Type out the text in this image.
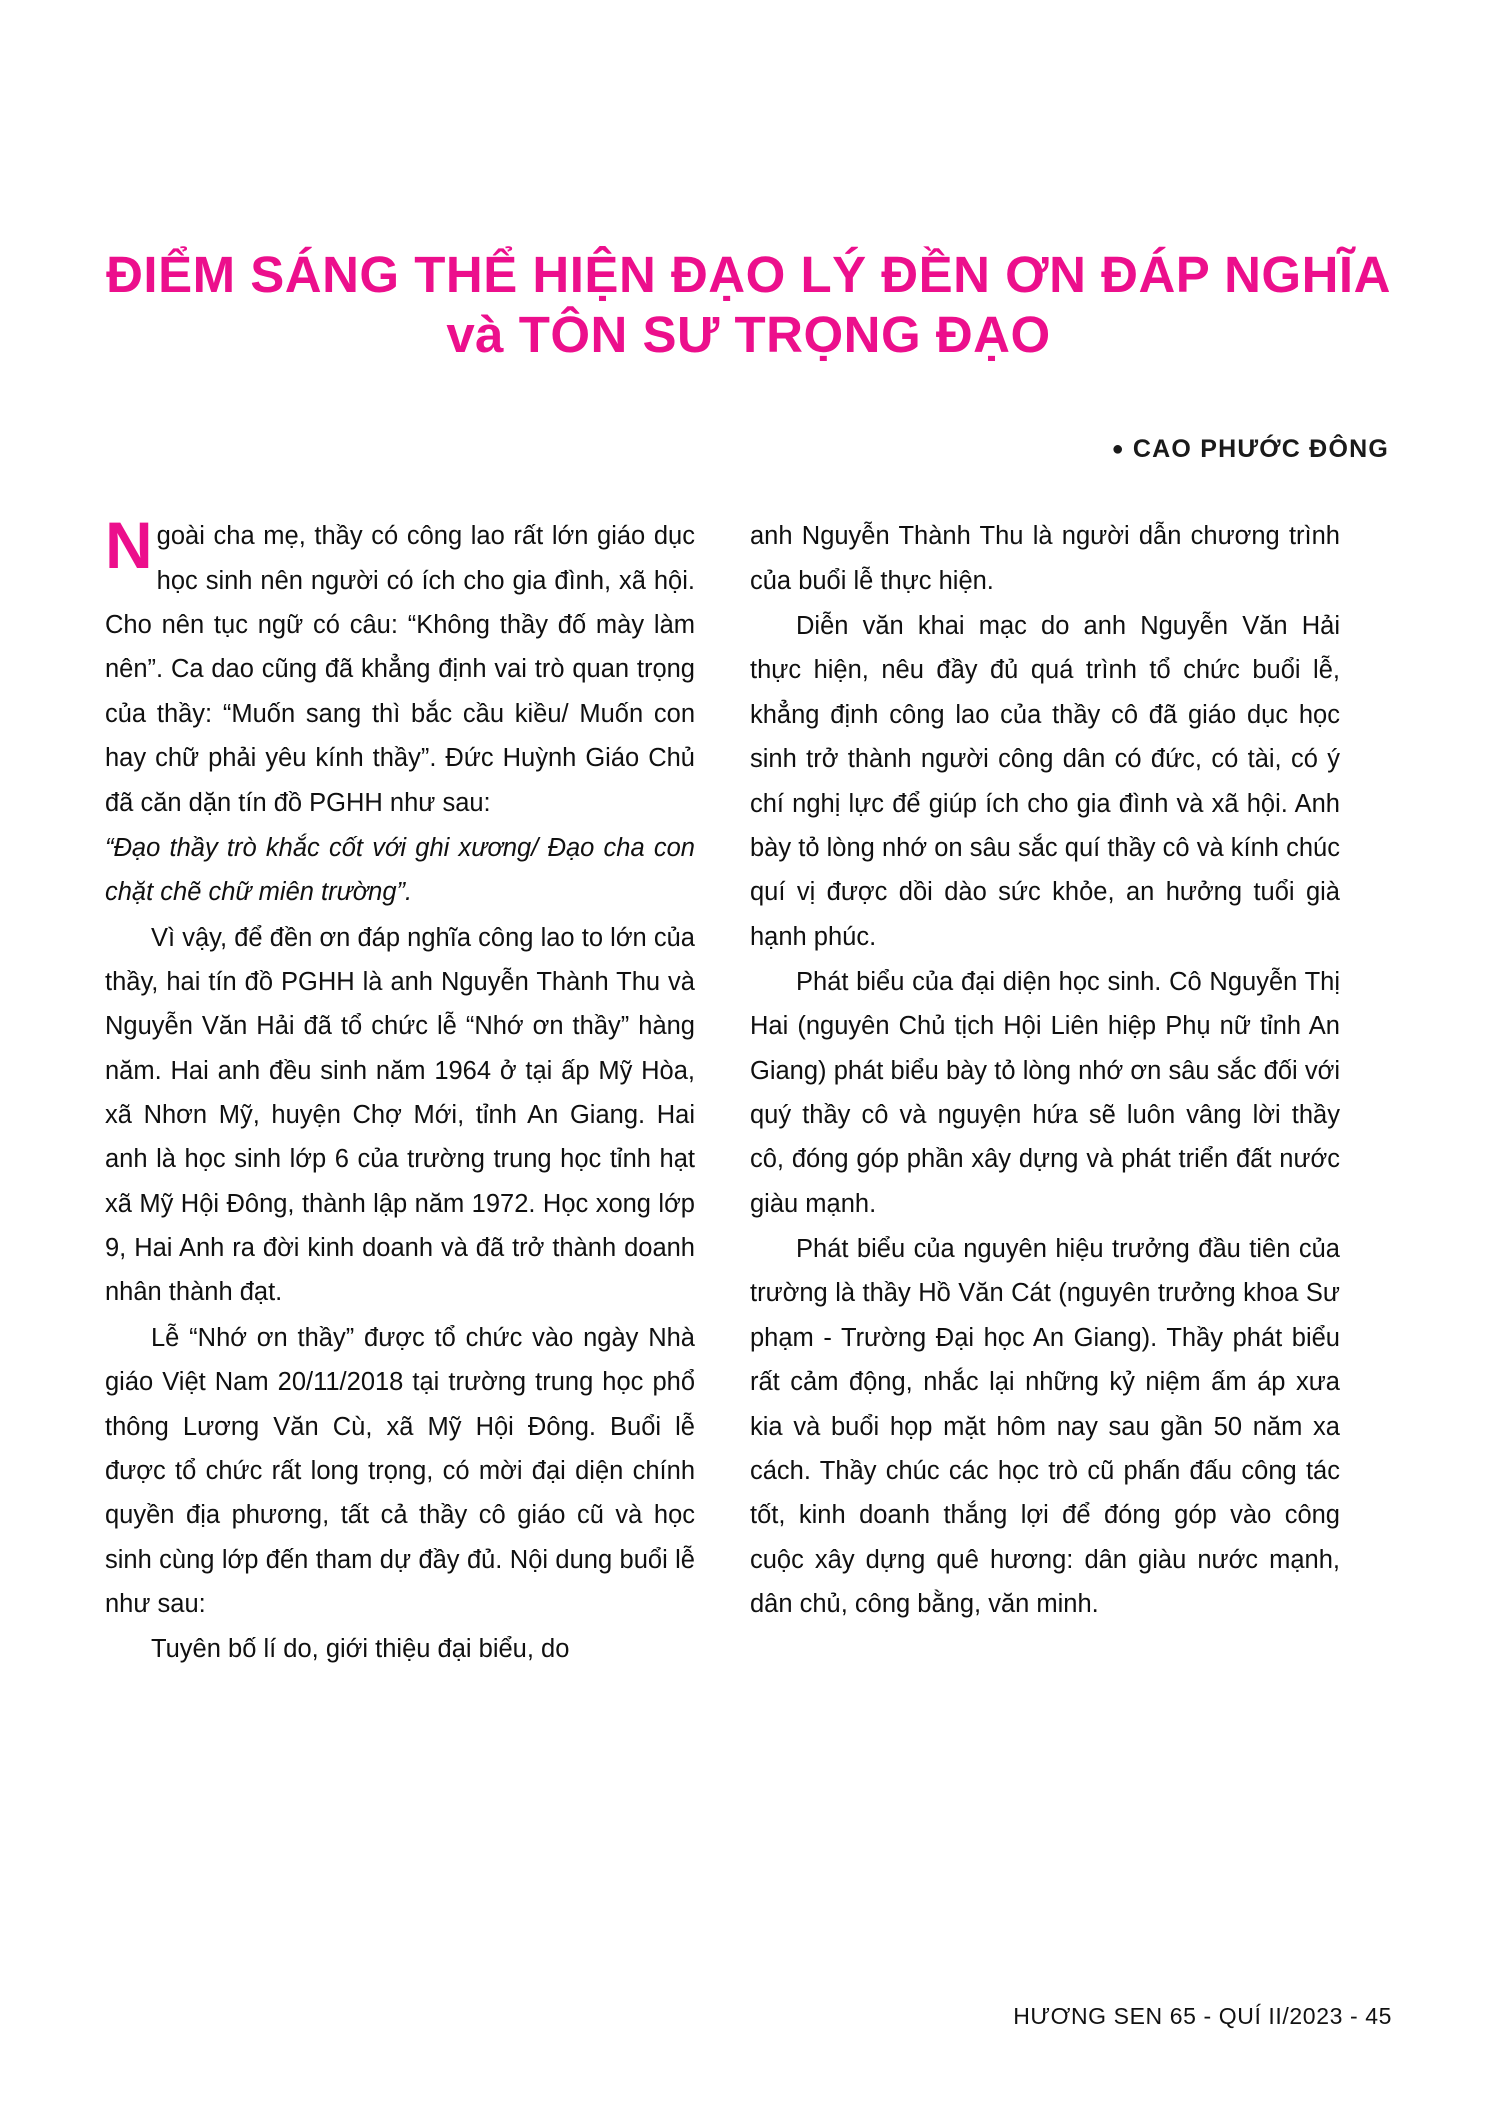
ĐIỂM SÁNG THỂ HIỆN ĐẠO LÝ ĐỀN ƠN ĐÁP NGHĨA
và TÔN SƯ TRỌNG ĐẠO
● CAO PHƯỚC ĐÔNG

Ngoài cha mẹ, thầy có công lao rất lớn giáo dục học sinh nên người có ích cho gia đình, xã hội. Cho nên tục ngữ có câu: “Không thầy đố mày làm nên”. Ca dao cũng đã khẳng định vai trò quan trọng của thầy: “Muốn sang thì bắc cầu kiều/ Muốn con hay chữ phải yêu kính thầy”. Đức Huỳnh Giáo Chủ đã căn dặn tín đồ PGHH như sau:

“Đạo thầy trò khắc cốt với ghi xương/ Đạo cha con chặt chẽ chữ miên trường”.

Vì vậy, để đền ơn đáp nghĩa công lao to lớn của thầy, hai tín đồ PGHH là anh Nguyễn Thành Thu và Nguyễn Văn Hải đã tổ chức lễ “Nhớ ơn thầy” hàng năm. Hai anh đều sinh năm 1964 ở tại ấp Mỹ Hòa, xã Nhơn Mỹ, huyện Chợ Mới, tỉnh An Giang. Hai anh là học sinh lớp 6 của trường trung học tỉnh hạt xã Mỹ Hội Đông, thành lập năm 1972. Học xong lớp 9, Hai Anh ra đời kinh doanh và đã trở thành doanh nhân thành đạt.

Lễ “Nhớ ơn thầy” được tổ chức vào ngày Nhà giáo Việt Nam 20/11/2018 tại trường trung học phổ thông Lương Văn Cù, xã Mỹ Hội Đông. Buổi lễ được tổ chức rất long trọng, có mời đại diện chính quyền địa phương, tất cả thầy cô giáo cũ và học sinh cùng lớp đến tham dự đầy đủ. Nội dung buổi lễ như sau:

Tuyên bố lí do, giới thiệu đại biểu, do

anh Nguyễn Thành Thu là người dẫn chương trình của buổi lễ thực hiện.

Diễn văn khai mạc do anh Nguyễn Văn Hải thực hiện, nêu đầy đủ quá trình tổ chức buổi lễ, khẳng định công lao của thầy cô đã giáo dục học sinh trở thành người công dân có đức, có tài, có ý chí nghị lực để giúp ích cho gia đình và xã hội. Anh bày tỏ lòng nhớ on sâu sắc quí thầy cô và kính chúc quí vị được dồi dào sức khỏe, an hưởng tuổi già hạnh phúc.

Phát biểu của đại diện học sinh. Cô Nguyễn Thị Hai (nguyên Chủ tịch Hội Liên hiệp Phụ nữ tỉnh An Giang) phát biểu bày tỏ lòng nhớ ơn sâu sắc đối với quý thầy cô và nguyện hứa sẽ luôn vâng lời thầy cô, đóng góp phần xây dựng và phát triển đất nước giàu mạnh.

Phát biểu của nguyên hiệu trưởng đầu tiên của trường là thầy Hồ Văn Cát (nguyên trưởng khoa Sư phạm - Trường Đại học An Giang). Thầy phát biểu rất cảm động, nhắc lại những kỷ niệm ấm áp xưa kia và buổi họp mặt hôm nay sau gần 50 năm xa cách. Thầy chúc các học trò cũ phấn đấu công tác tốt, kinh doanh thắng lợi để đóng góp vào công cuộc xây dựng quê hương: dân giàu nước mạnh, dân chủ, công bằng, văn minh.

HƯƠNG SEN 65 - QUÍ II/2023 - 45
